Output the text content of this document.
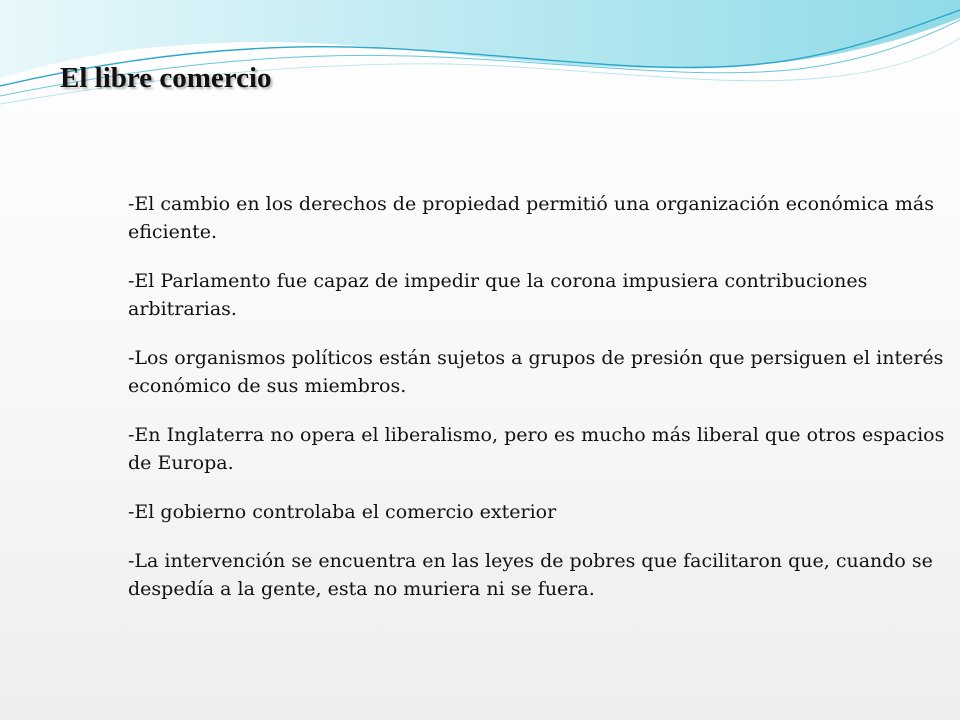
El libre comercio

-El cambio en los derechos de propiedad permitió una organización económica más eficiente.

-El Parlamento fue capaz de impedir que la corona impusiera contribuciones arbitrarias.

-Los organismos políticos están sujetos a grupos de presión que persiguen el interés económico de sus miembros.

-En Inglaterra no opera el liberalismo, pero es mucho más liberal que otros espacios de Europa.

-El gobierno controlaba el comercio exterior

-La intervención se encuentra en las leyes de pobres que facilitaron que, cuando se despedía a la gente, esta no muriera ni se fuera.
